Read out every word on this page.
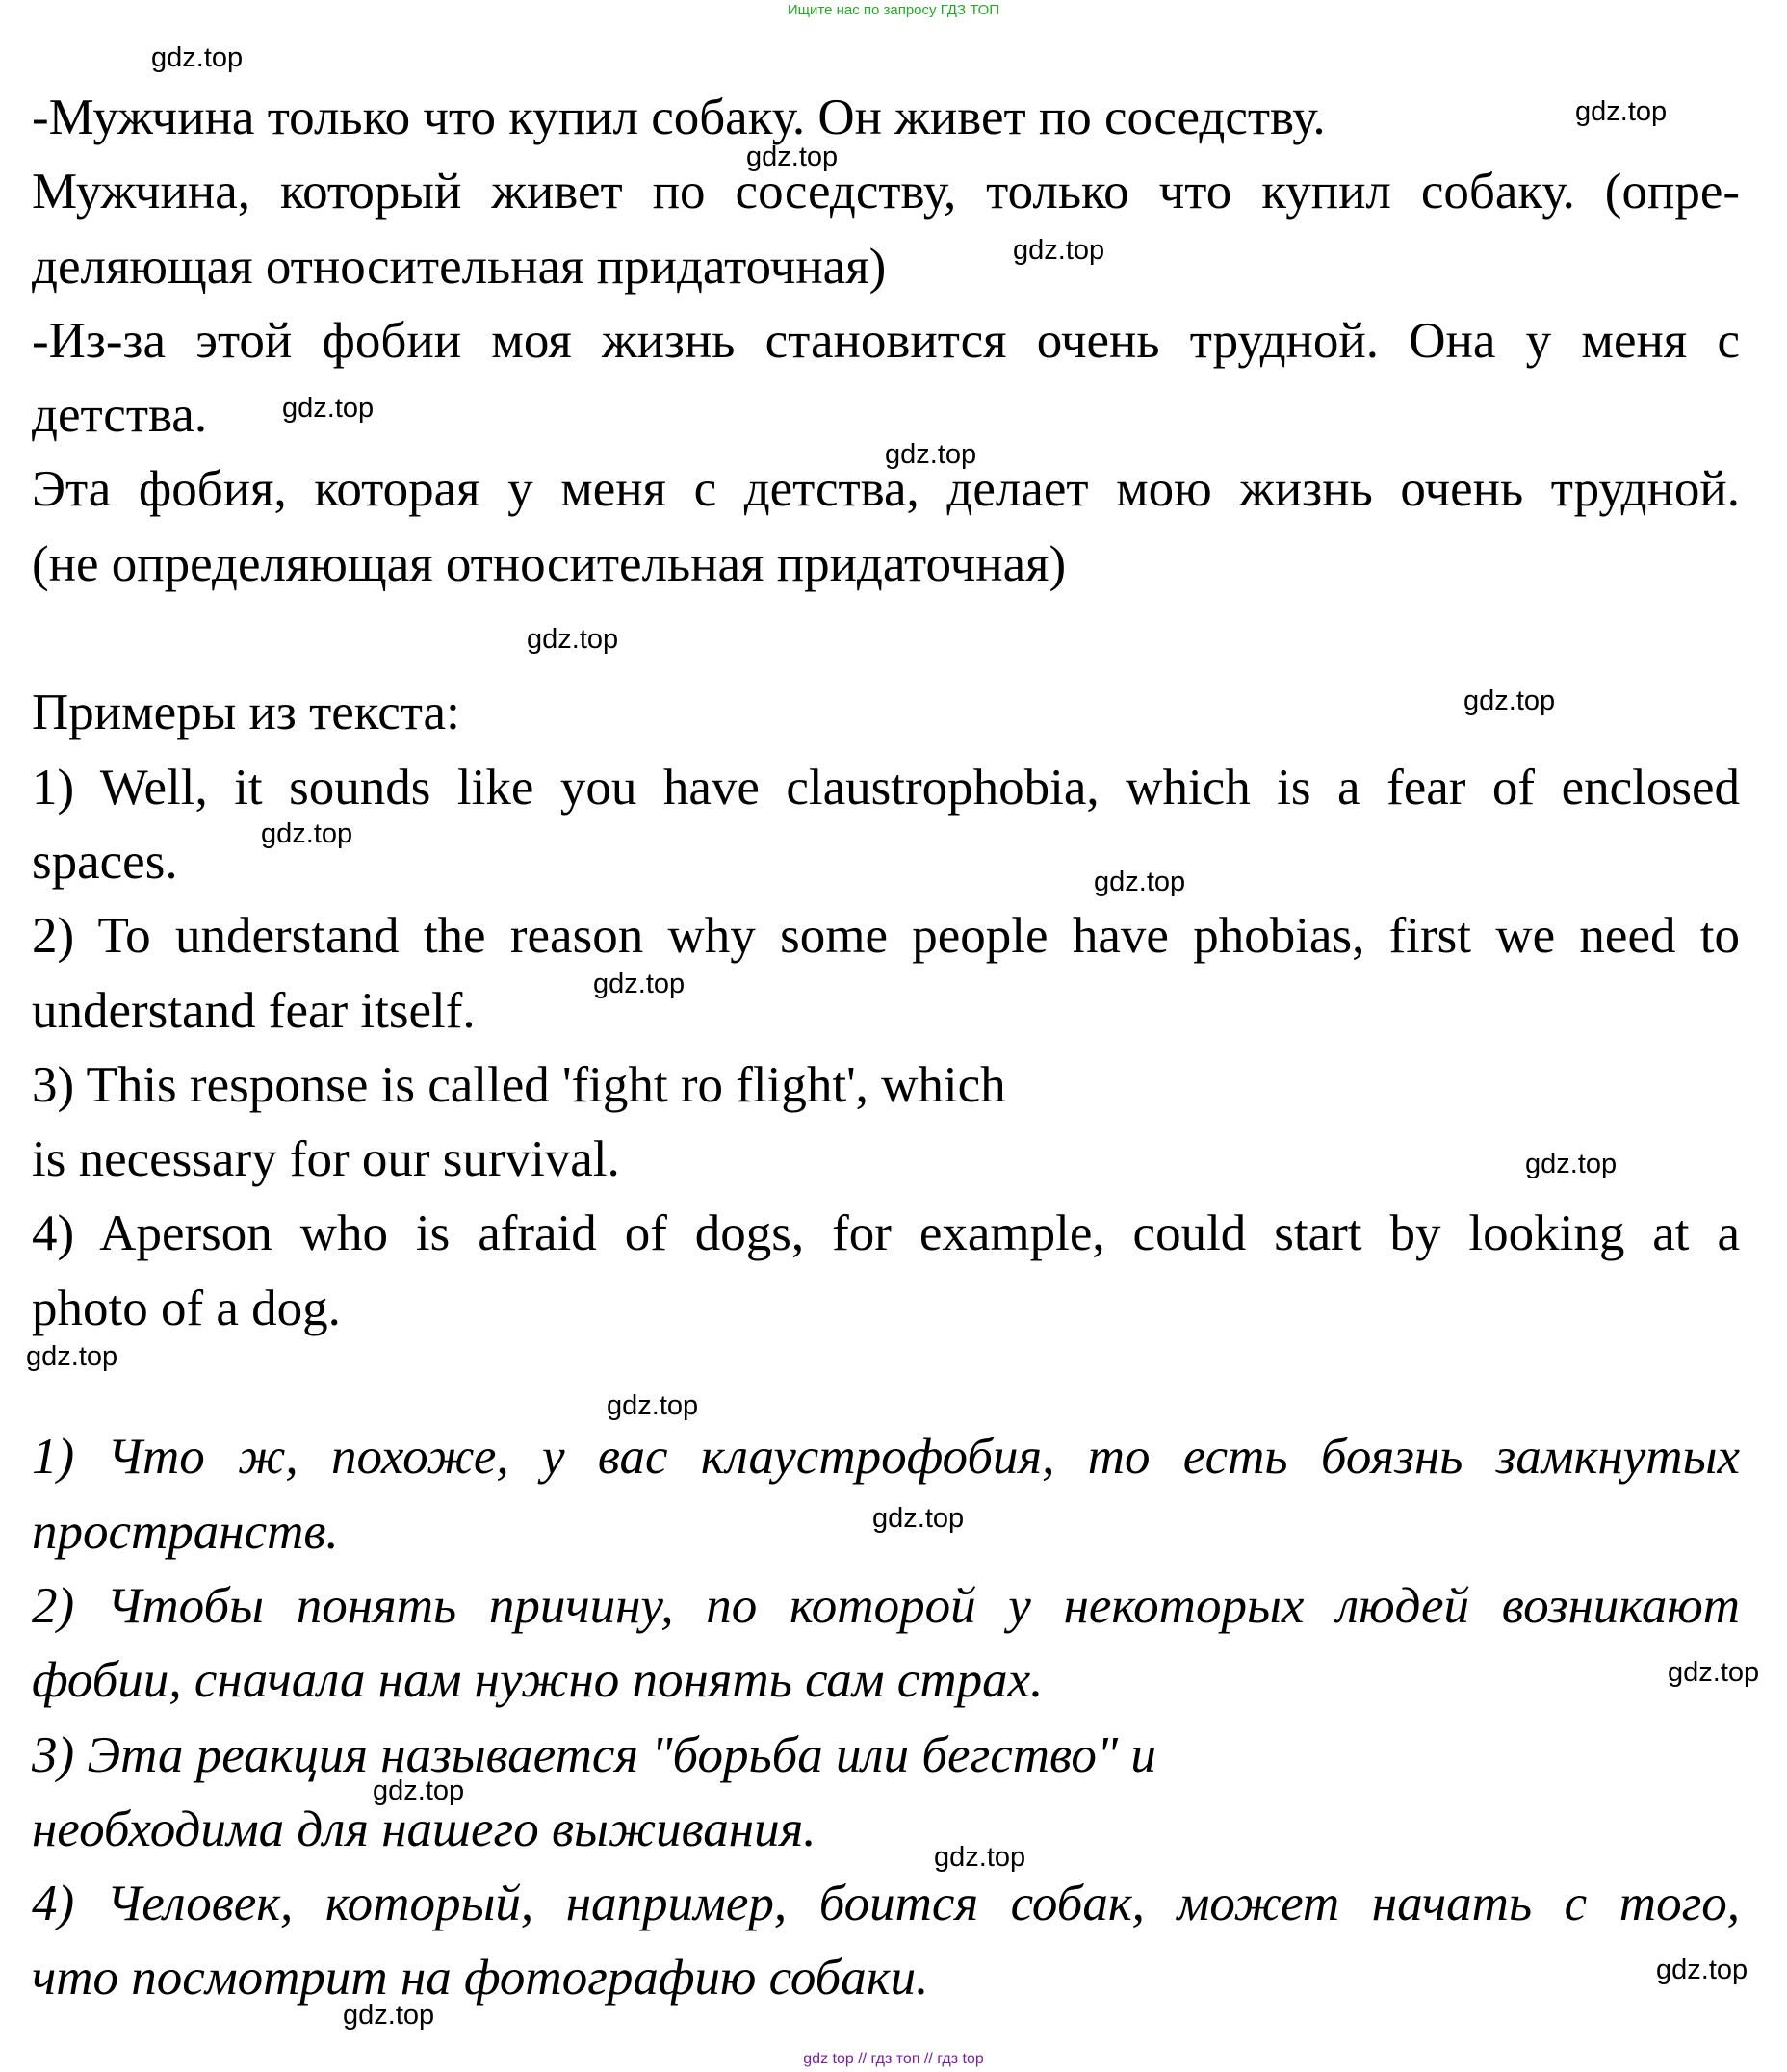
Ищите нас по запросу ГДЗ ТОП
-Мужчина только что купил собаку. Он живет по соседству.
Мужчина, который живет по соседству, только что купил собаку. (опре-
деляющая относительная придаточная)
-Из-за этой фобии моя жизнь становится очень трудной. Она у меня с
детства.
Эта фобия, которая у меня с детства, делает мою жизнь очень трудной.
(не определяющая относительная придаточная)
Примеры из текста:
1) Well, it sounds like you have claustrophobia, which is a fear of enclosed
spaces.
2) To understand the reason why some people have phobias, first we need to
understand fear itself.
3) This response is called 'fight ro flight', which
is necessary for our survival.
4) Aperson who is afraid of dogs, for example, could start by looking at a
photo of a dog.
1) Что ж, похоже, у вас клаустрофобия, то есть боязнь замкнутых
пространств.
2) Чтобы понять причину, по которой у некоторых людей возникают
фобии, сначала нам нужно понять сам страх.
3) Эта реакция называется "борьба или бегство" и
необходима для нашего выживания.
4) Человек, который, например, боится собак, может начать с того,
что посмотрит на фотографию собаки.
gdz.top
gdz.top
gdz.top
gdz.top
gdz.top
gdz.top
gdz.top
gdz.top
gdz.top
gdz.top
gdz.top
gdz.top
gdz.top
gdz.top
gdz.top
gdz.top
gdz.top
gdz.top
gdz.top
gdz.top
gdz top // гдз топ // гдз top
